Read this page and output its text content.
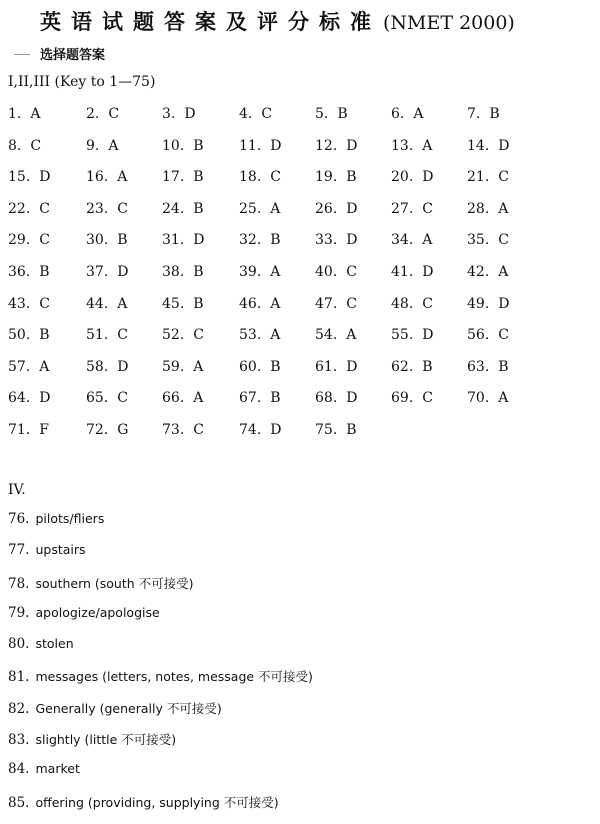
英语试题答案及评分标准 (NMET 2000)
选择题答案
I,II,III (Key to 1—75)
1. A	2. C	3. D	4. C	5. B	6. A	7. B
8. C	9. A	10. B	11. D 12. D 13. A 14. D
15. D	16. A 17. B	18. C 19. B 20. D 21. C
22. C	23. C 24. B	25. A 26. D 27. C 28. A
29. C	30. B 31. D 32. B 33. D 34. A 35. C
36. B	37. D 38. B	39. A 40. C 41. D 42. A
43. C	44. A 45. B	46. A 47. C 48. C 49. D
50. B	51. C 52. C	53. A 54. A 55. D 56. C
57. A	58. D 59. A	60. B 61. D 62. B 63. B
64. D	65. C 66. A	67. B 68. D 69. C 70. A
71. F	72. G 73. C	74. D 75. B
IV.
76. pilots/fliers
77. upstairs
78. southern (south 不可接受)
79. apologize/apologise
80. stolen
81. messages (letters, notes, message 不可接受)
82. Generally (generally 不可接受)
83. slightly (little 不可接受)
84. market
85. offering (providing, supplying 不可接受)
